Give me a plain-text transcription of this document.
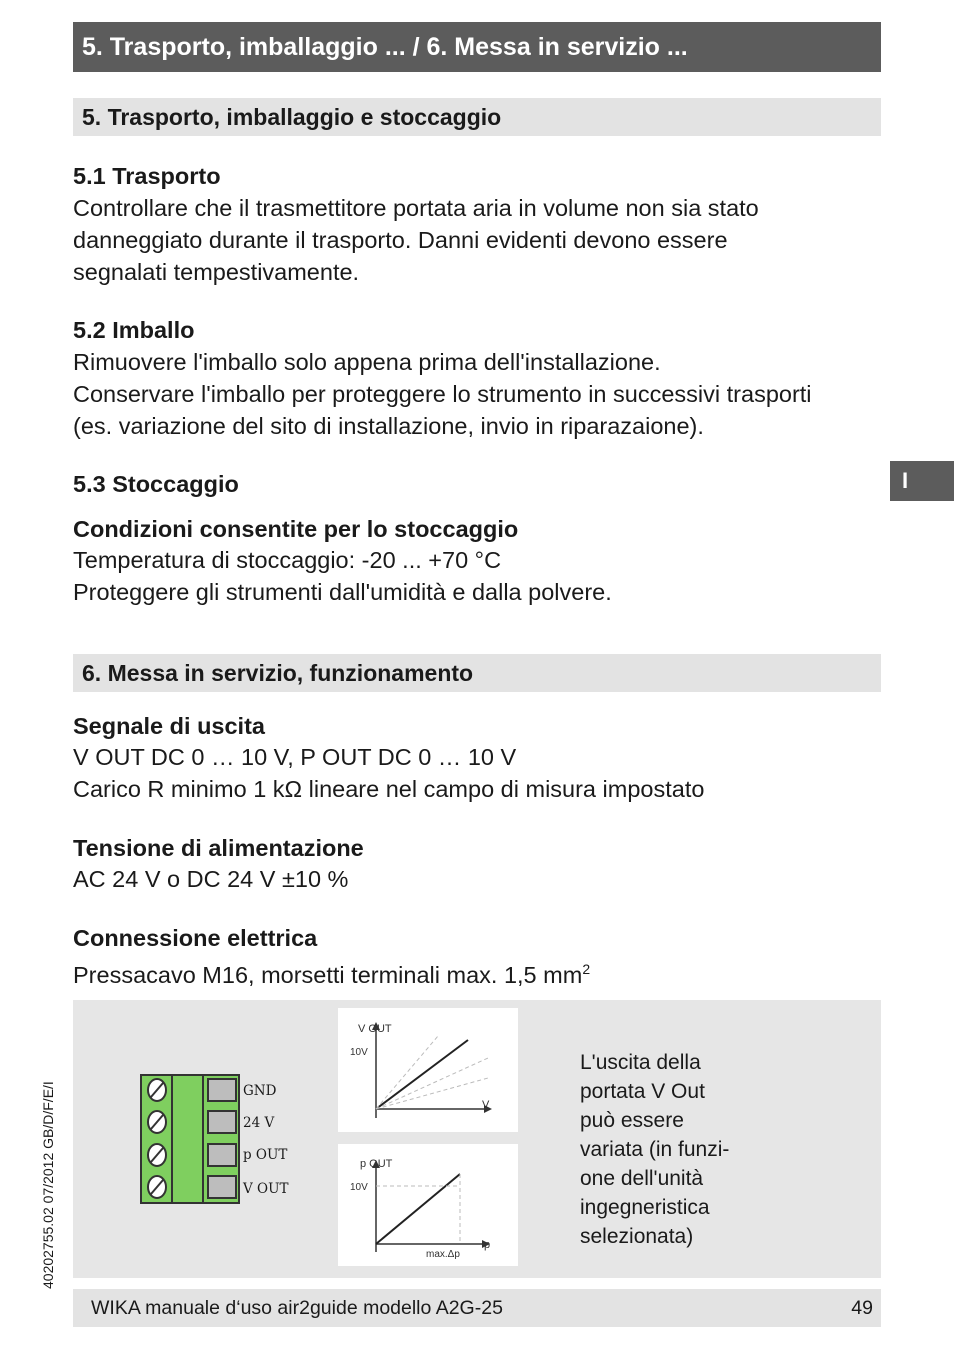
5. Trasporto, imballaggio ... / 6. Messa in servizio ...
I
40202755.02 07/2012 GB/D/F/E/I
5. Trasporto, imballaggio e stoccaggio
5.1 Trasporto
Controllare che il trasmettitore portata aria in volume non sia stato
danneggiato durante il trasporto. Danni evidenti devono essere
segnalati tempestivamente.
5.2 Imballo
Rimuovere l'imballo solo appena prima dell'installazione.
Conservare l'imballo per proteggere lo strumento in successivi trasporti
(es. variazione del sito di installazione, invio in riparazaione).
5.3 Stoccaggio
Condizioni consentite per lo stoccaggio
Temperatura di stoccaggio: -20 ... +70 °C
Proteggere gli strumenti dall'umidità e dalla polvere.
6. Messa in servizio, funzionamento
Segnale di uscita
V OUT DC 0 … 10 V, P OUT DC 0 … 10 V
Carico R minimo 1 kΩ lineare nel campo di misura impostato
Tensione di alimentazione
AC 24 V o DC 24 V ±10 %
Connessione elettrica
Pressacavo M16, morsetti terminali max. 1,5 $mm^2$
GND
24 V
p OUT
V OUT
V OUT
10V
V
p OUT
10V
max.Δp
p
L'uscita della
portata V Out
può essere
variata (in funzi-
one dell'unità
ingegneristica
selezionata)
WIKA manuale d‘uso air2guide modello A2G-25	49
